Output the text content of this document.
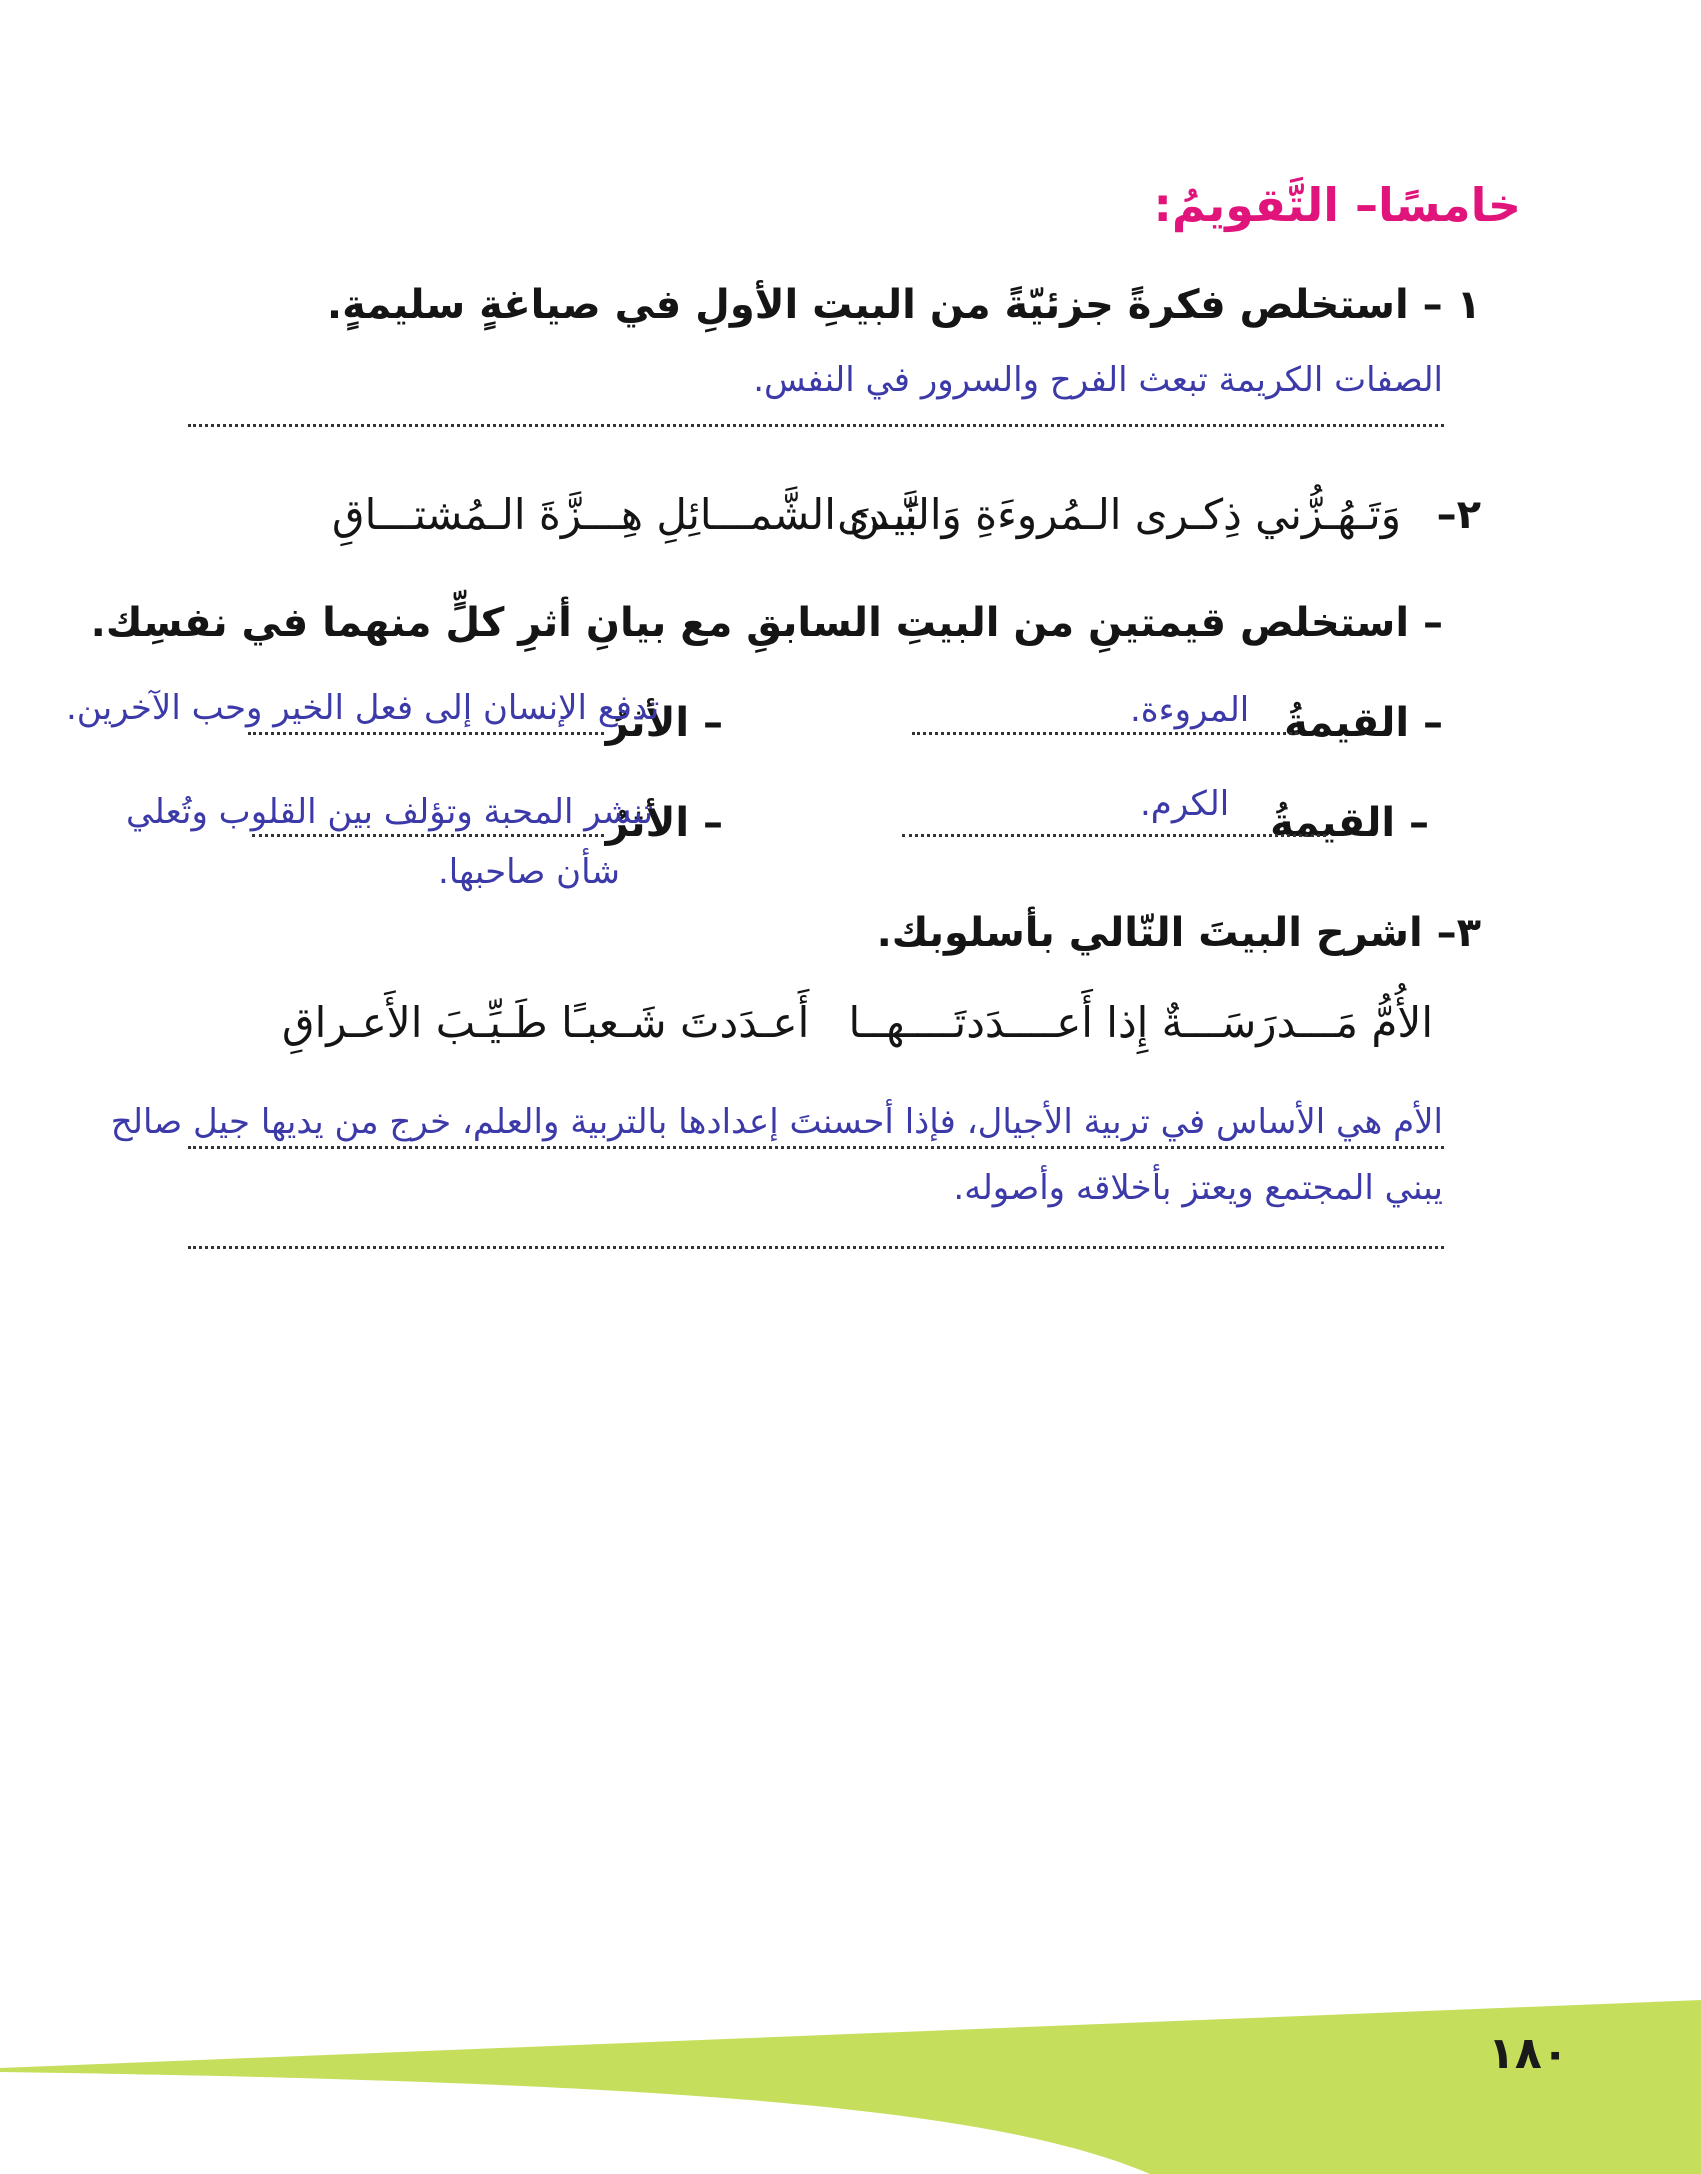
خامسًا– التَّقويمُ:
١ – استخلص فكرةً جزئيّةً من البيتِ الأولِ في صياغةٍ سليمةٍ.
الصفات الكريمة تبعث الفرح والسرور في النفس.
٢–
وَتَـهُـزُّني ذِكـرى الـمُروءَةِ وَالنَّـدى
بَيـنَ الشَّمـــائِلِ هِـــزَّةَ الـمُشتـــاقِ
– استخلص قيمتينِ من البيتِ السابقِ مع بيانِ أثرِ كلٍّ منهما في نفسِك.
– القيمةُ
المروءة.
– الأثرُ
تدفع الإنسان إلى فعل الخير وحب الآخرين.
– القيمةُ
الكرم.
– الأثرُ
تنشر المحبة وتؤلف بين القلوب وتُعلي
شأن صاحبها.
٣– اشرح البيتَ التّالي بأسلوبك.
الأُمُّ مَـــدرَسَـــةٌ إِذا أَعــــدَدتَــــهــا
أَعـدَدتَ شَـعبـًا طَـيِّـبَ الأَعـراقِ
الأم هي الأساس في تربية الأجيال، فإذا أحسنتَ إعدادها بالتربية والعلم، خرج من يديها جيل صالح
يبني المجتمع ويعتز بأخلاقه وأصوله.
١٨٠
